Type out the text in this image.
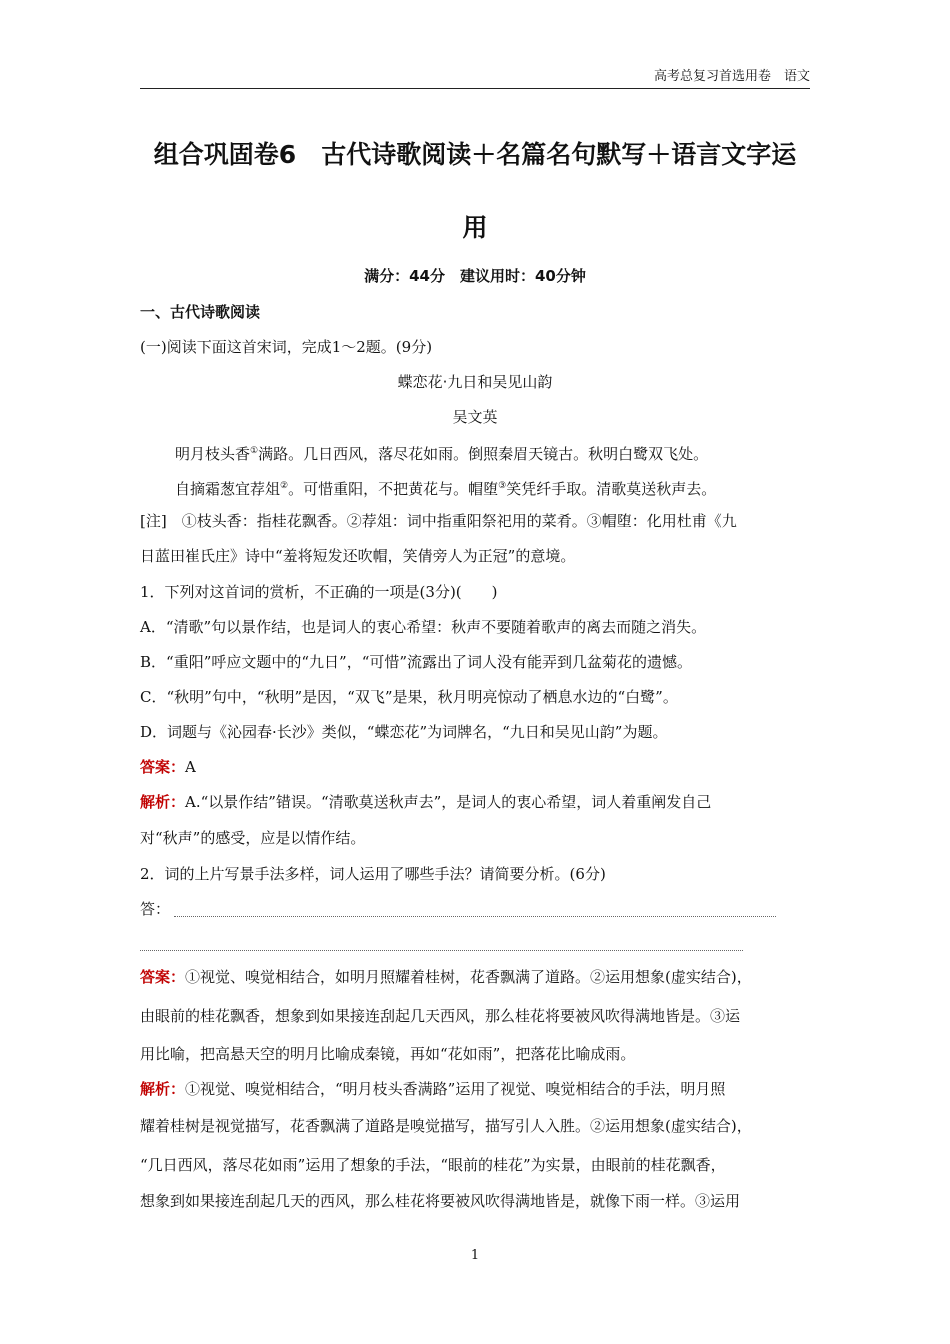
高考总复习首选用卷　语文
组合巩固卷6　古代诗歌阅读＋名篇名句默写＋语言文字运
用
满分：44分　建议用时：40分钟
一、古代诗歌阅读
(一)阅读下面这首宋词，完成1～2题。(9分)
蝶恋花·九日和吴见山韵
吴文英
明月枝头香①满路。几日西风，落尽花如雨。倒照秦眉天镜古。秋明白鹭双飞处。
自摘霜葱宜荐俎②。可惜重阳，不把黄花与。帽堕③笑凭纤手取。清歌莫送秋声去。
[注]　①枝头香：指桂花飘香。②荐俎：词中指重阳祭祀用的菜肴。③帽堕：化用杜甫《九
日蓝田崔氏庄》诗中“羞将短发还吹帽，笑倩旁人为正冠”的意境。
1．下列对这首词的赏析，不正确的一项是(3分)(　　)
A．“清歌”句以景作结，也是词人的衷心希望：秋声不要随着歌声的离去而随之消失。
B．“重阳”呼应文题中的“九日”，“可惜”流露出了词人没有能弄到几盆菊花的遗憾。
C．“秋明”句中，“秋明”是因，“双飞”是果，秋月明亮惊动了栖息水边的“白鹭”。
D．词题与《沁园春·长沙》类似，“蝶恋花”为词牌名，“九日和吴见山韵”为题。
答案：A
解析：A.“以景作结”错误。“清歌莫送秋声去”，是词人的衷心希望，词人着重阐发自己
对“秋声”的感受，应是以情作结。
2．词的上片写景手法多样，词人运用了哪些手法？请简要分析。(6分)
答：
答案：①视觉、嗅觉相结合，如明月照耀着桂树，花香飘满了道路。②运用想象(虚实结合)，
由眼前的桂花飘香，想象到如果接连刮起几天西风，那么桂花将要被风吹得满地皆是。③运
用比喻，把高悬天空的明月比喻成秦镜，再如“花如雨”，把落花比喻成雨。
解析：①视觉、嗅觉相结合，“明月枝头香满路”运用了视觉、嗅觉相结合的手法，明月照
耀着桂树是视觉描写，花香飘满了道路是嗅觉描写，描写引人入胜。②运用想象(虚实结合)，
“几日西风，落尽花如雨”运用了想象的手法，“眼前的桂花”为实景，由眼前的桂花飘香，
想象到如果接连刮起几天的西风，那么桂花将要被风吹得满地皆是，就像下雨一样。③运用
1
